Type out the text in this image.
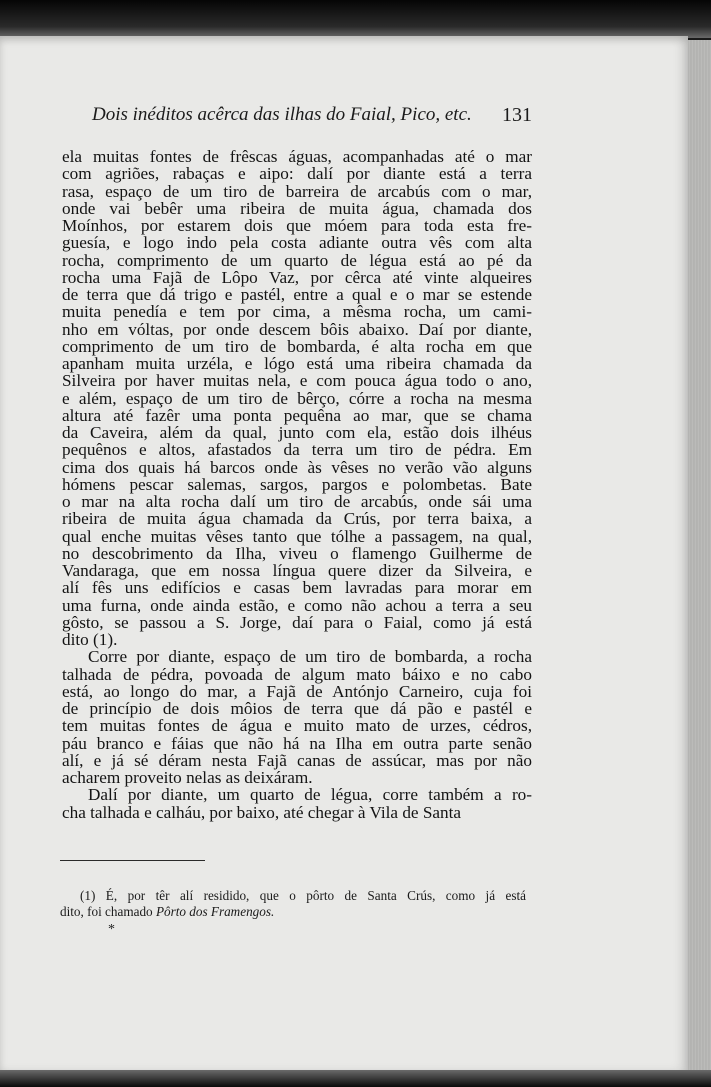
Dois inéditos acêrca das ilhas do Faial, Pico, etc. 131
ela muitas fontes de frêscas águas, acompanhadas até o mar
com agriões, rabaças e aipo: dalí por diante está a terra
rasa, espaço de um tiro de barreira de arcabús com o mar,
onde vai bebêr uma ribeira de muita água, chamada dos
Moínhos, por estarem dois que móem para toda esta fre-
guesía, e logo indo pela costa adiante outra vês com alta
rocha, comprimento de um quarto de légua está ao pé da
rocha uma Fajã de Lôpo Vaz, por cêrca até vinte alqueires
de terra que dá trigo e pastél, entre a qual e o mar se estende
muita penedía e tem por cima, a mêsma rocha, um cami-
nho em vóltas, por onde descem bôis abaixo. Daí por diante,
comprimento de um tiro de bombarda, é alta rocha em que
apanham muita urzéla, e lógo está uma ribeira chamada da
Silveira por haver muitas nela, e com pouca água todo o ano,
e além, espaço de um tiro de bêrço, córre a rocha na mesma
altura até fazêr uma ponta pequêna ao mar, que se chama
da Caveira, além da qual, junto com ela, estão dois ilhéus
pequênos e altos, afastados da terra um tiro de pédra. Em
cima dos quais há barcos onde às vêses no verão vão alguns
hómens pescar salemas, sargos, pargos e polombetas. Bate
o mar na alta rocha dalí um tiro de arcabús, onde sái uma
ribeira de muita água chamada da Crús, por terra baixa, a
qual enche muitas vêses tanto que tólhe a passagem, na qual,
no descobrimento da Ilha, viveu o flamengo Guilherme de
Vandaraga, que em nossa língua quere dizer da Silveira, e
alí fês uns edifícios e casas bem lavradas para morar em
uma furna, onde ainda estão, e como não achou a terra a seu
gôsto, se passou a S. Jorge, daí para o Faial, como já está
dito (1).
Corre por diante, espaço de um tiro de bombarda, a rocha
talhada de pédra, povoada de algum mato báixo e no cabo
está, ao longo do mar, a Fajã de Antónjo Carneiro, cuja foi
de princípio de dois môios de terra que dá pão e pastél e
tem muitas fontes de água e muito mato de urzes, cédros,
páu branco e fáias que não há na Ilha em outra parte senão
alí, e já sé déram nesta Fajã canas de assúcar, mas por não
acharem proveito nelas as deixáram.
Dalí por diante, um quarto de légua, corre também a ro-
cha talhada e calháu, por baixo, até chegar à Vila de Santa
(1) É, por têr alí residido, que o pôrto de Santa Crús, como já está
dito, foi chamado Pôrto dos Framengos.
*
